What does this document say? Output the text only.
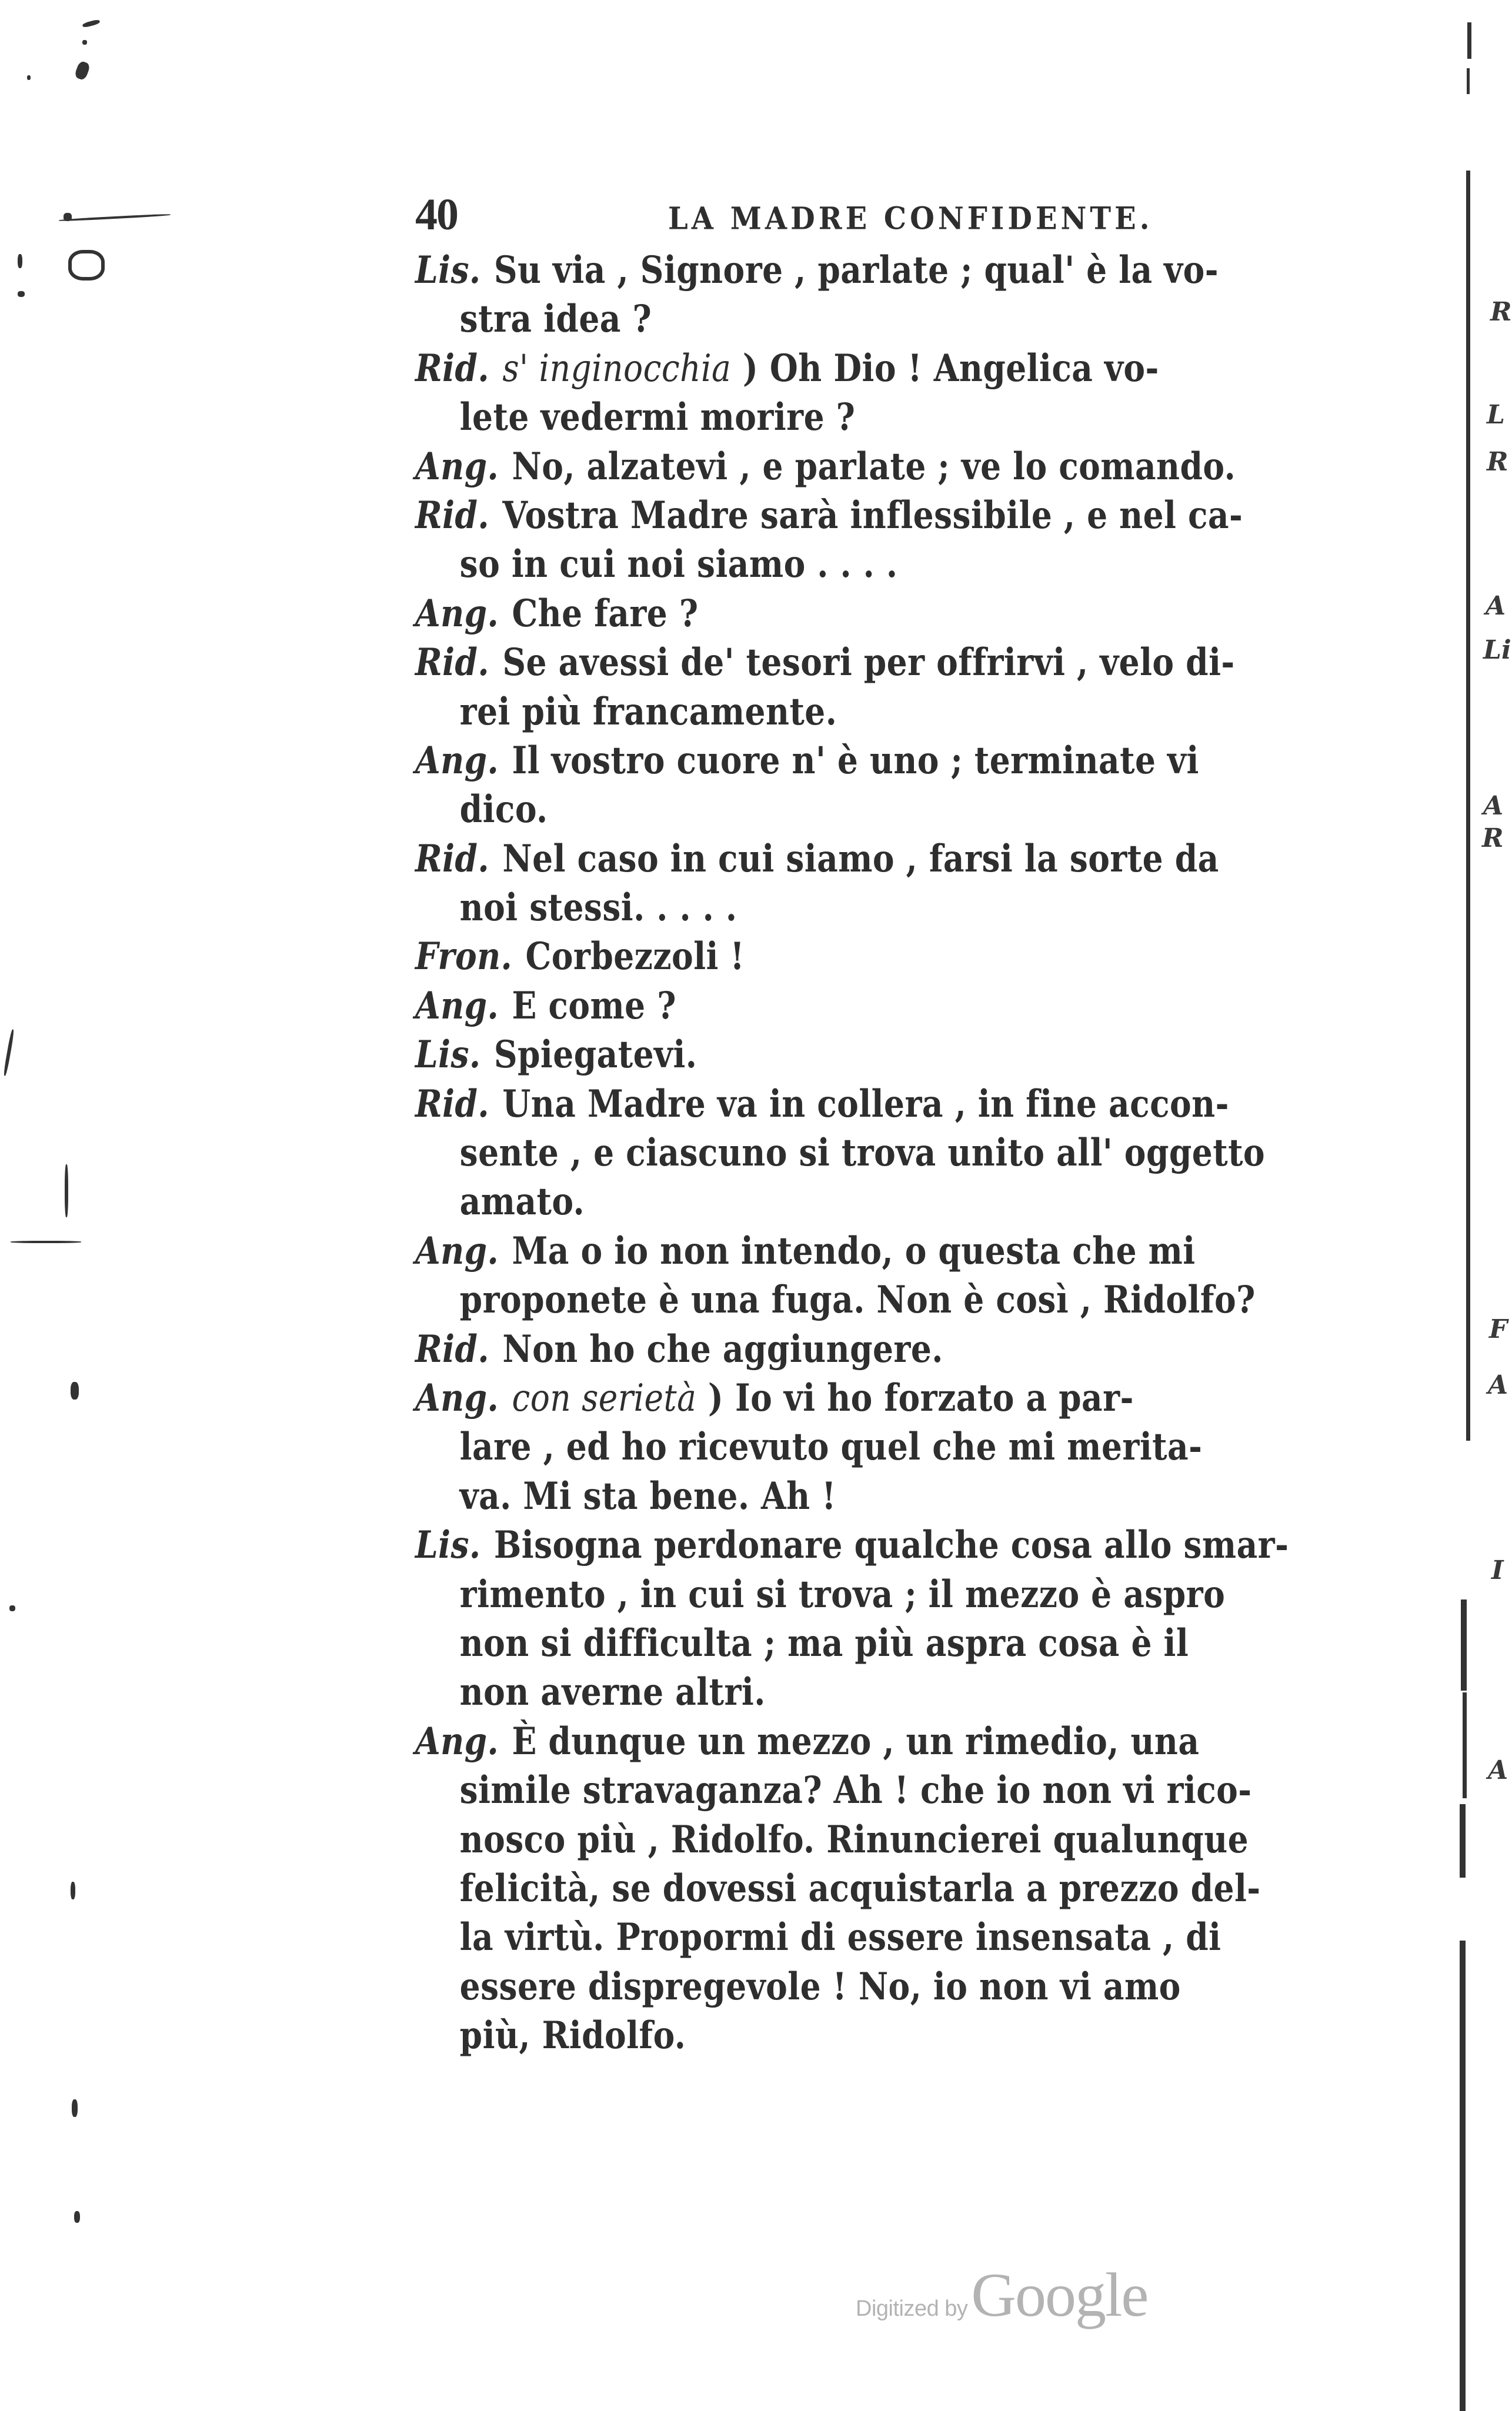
40	LA MADRE CONFIDENTE.
Lis. Su via , Signore , parlate ; qual' è la vo-
stra idea ?
Rid. s' inginocchia ) Oh Dio ! Angelica vo-
lete vedermi morire ?
Ang. No, alzatevi , e parlate ; ve lo comando.
Rid. Vostra Madre sarà inflessibile , e nel ca-
so in cui noi siamo . . . .
Ang. Che fare ?
Rid. Se avessi de' tesori per offrirvi , velo di-
rei più francamente.
Ang. Il vostro cuore n' è uno ; terminate vi
dico.
Rid. Nel caso in cui siamo , farsi la sorte da
noi stessi. . . . .
Fron. Corbezzoli !
Ang. E come ?
Lis. Spiegatevi.
Rid. Una Madre va in collera , in fine accon-
sente , e ciascuno si trova unito all' oggetto
amato.
Ang. Ma o io non intendo, o questa che mi
proponete è una fuga. Non è così , Ridolfo?
Rid. Non ho che aggiungere.
Ang. con serietà ) Io vi ho forzato a par-
lare , ed ho ricevuto quel che mi merita-
va. Mi sta bene. Ah !
Lis. Bisogna perdonare qualche cosa allo smar-
rimento , in cui si trova ; il mezzo è aspro
non si difficulta ; ma più aspra cosa è il
non averne altri.
Ang. È dunque un mezzo , un rimedio, una
simile stravaganza? Ah ! che io non vi rico-
nosco più , Ridolfo. Rinuncierei qualunque
felicità, se dovessi acquistarla a prezzo del-
la virtù. Propormi di essere insensata , di
essere dispregevole ! No, io non vi amo
più, Ridolfo.
R
L
R
A
Li
A
R
F
A
I
A
Digitized byGoogle
